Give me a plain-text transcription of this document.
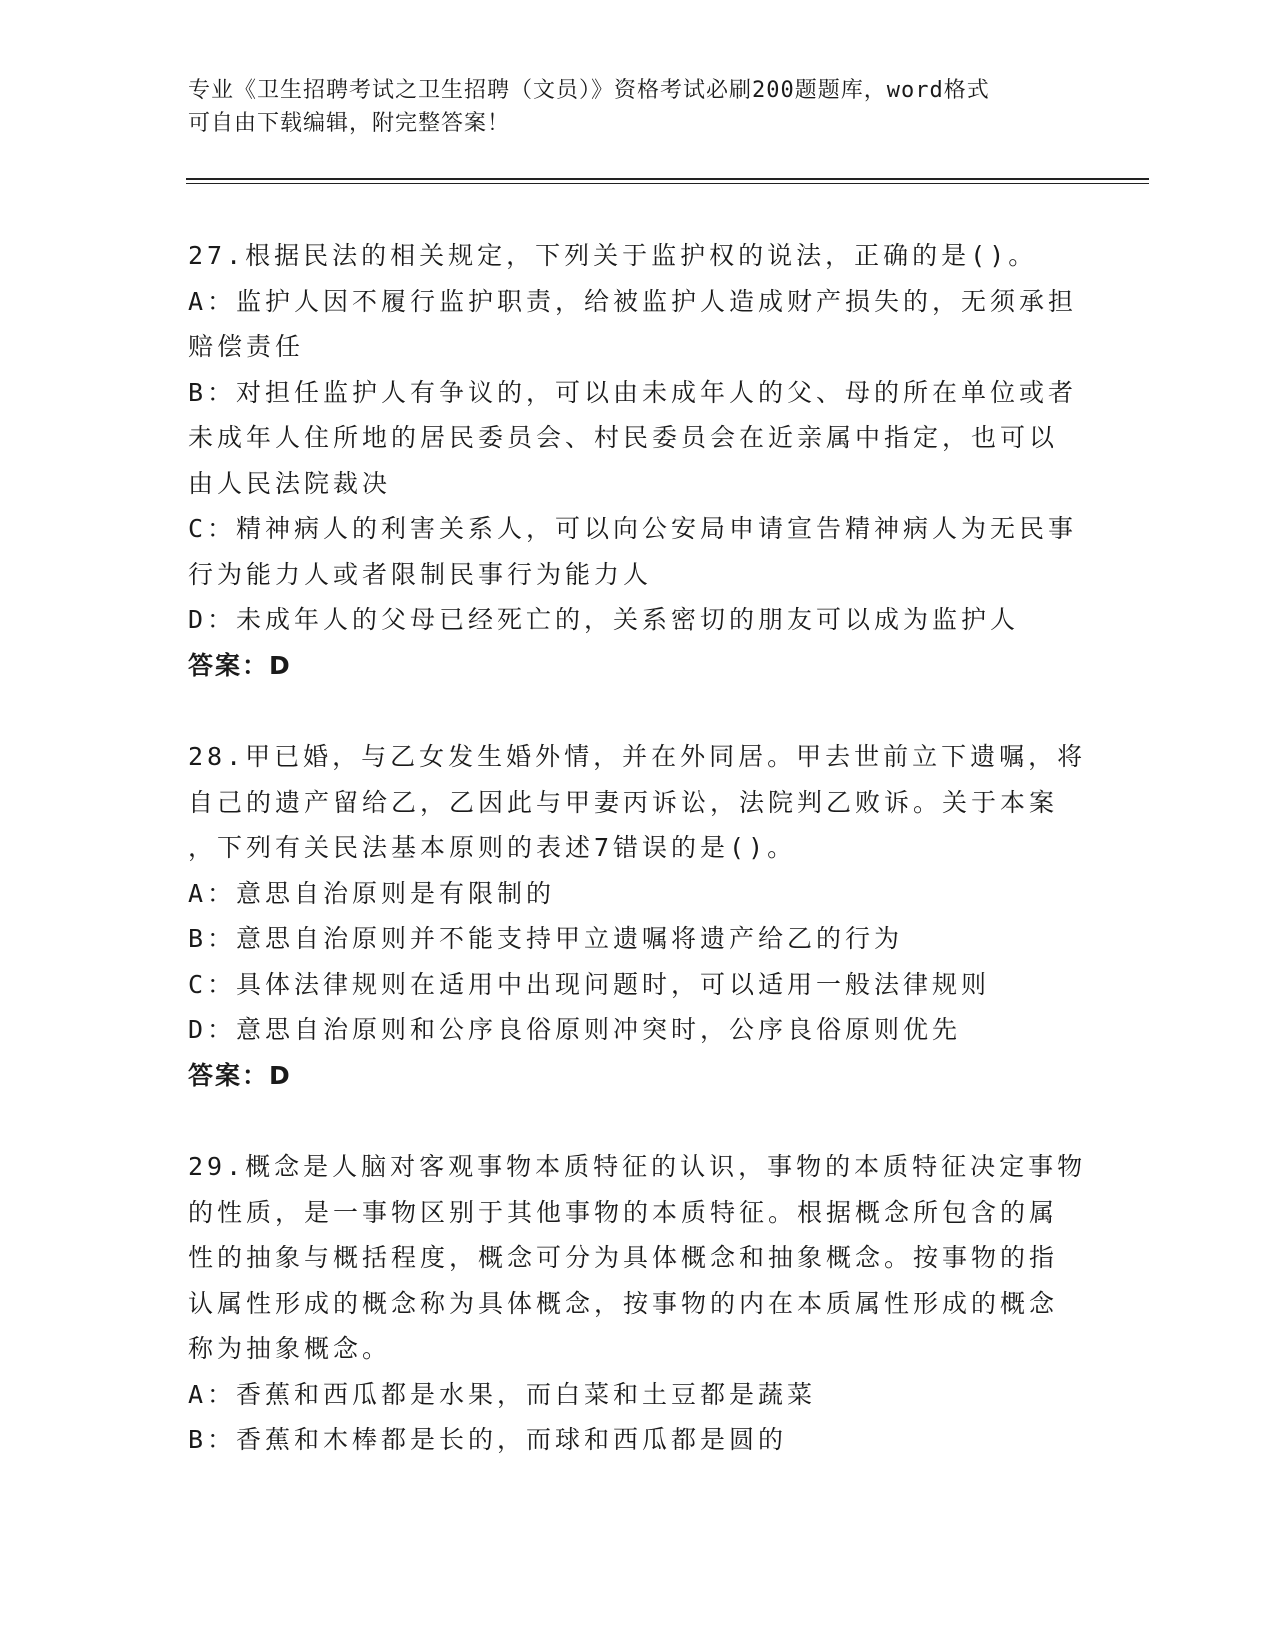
专业《卫生招聘考试之卫生招聘（文员）》资格考试必刷200题题库，word格式
可自由下载编辑，附完整答案！
27.根据民法的相关规定，下列关于监护权的说法，正确的是()。
A：监护人因不履行监护职责，给被监护人造成财产损失的，无须承担
赔偿责任
B：对担任监护人有争议的，可以由未成年人的父、母的所在单位或者
未成年人住所地的居民委员会、村民委员会在近亲属中指定，也可以
由人民法院裁决
C：精神病人的利害关系人，可以向公安局申请宣告精神病人为无民事
行为能力人或者限制民事行为能力人
D：未成年人的父母已经死亡的，关系密切的朋友可以成为监护人
答案：D
28.甲已婚，与乙女发生婚外情，并在外同居。甲去世前立下遗嘱，将
自己的遗产留给乙，乙因此与甲妻丙诉讼，法院判乙败诉。关于本案
，下列有关民法基本原则的表述7错误的是()。
A：意思自治原则是有限制的
B：意思自治原则并不能支持甲立遗嘱将遗产给乙的行为
C：具体法律规则在适用中出现问题时，可以适用一般法律规则
D：意思自治原则和公序良俗原则冲突时，公序良俗原则优先
答案：D
29.概念是人脑对客观事物本质特征的认识，事物的本质特征决定事物
的性质，是一事物区别于其他事物的本质特征。根据概念所包含的属
性的抽象与概括程度，概念可分为具体概念和抽象概念。按事物的指
认属性形成的概念称为具体概念，按事物的内在本质属性形成的概念
称为抽象概念。
A：香蕉和西瓜都是水果，而白菜和土豆都是蔬菜
B：香蕉和木棒都是长的，而球和西瓜都是圆的
